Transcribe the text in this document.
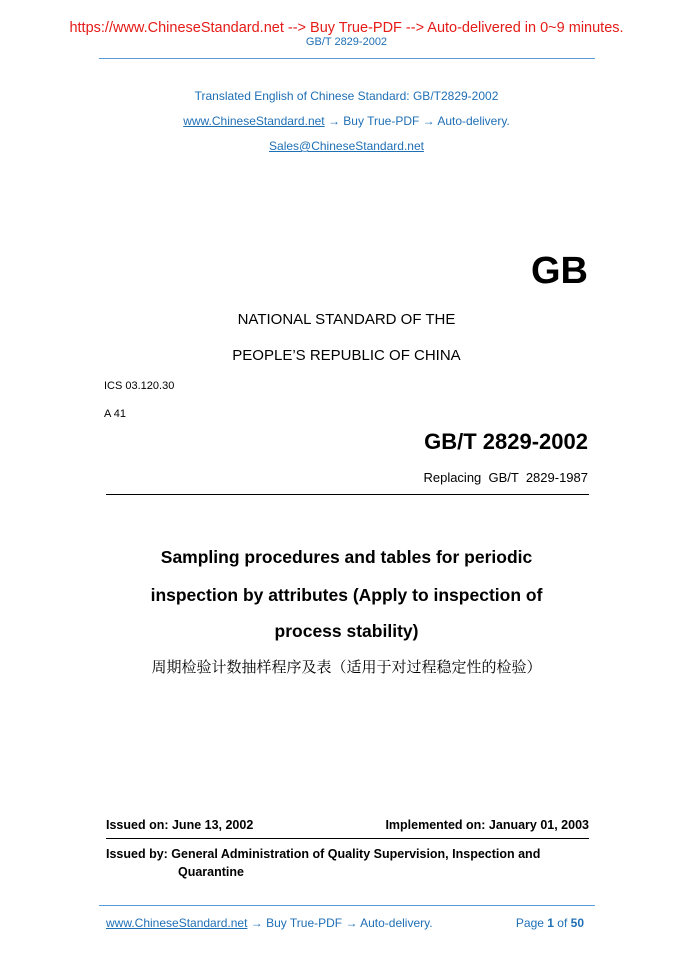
https://www.ChineseStandard.net --> Buy True-PDF --> Auto-delivered in 0~9 minutes.
GB/T 2829-2002
Translated English of Chinese Standard: GB/T2829-2002
www.ChineseStandard.net → Buy True-PDF → Auto-delivery.
Sales@ChineseStandard.net
GB
NATIONAL STANDARD OF THE
PEOPLE’S REPUBLIC OF CHINA
ICS 03.120.30
A 41
GB/T 2829-2002
Replacing  GB/T  2829-1987
Sampling procedures and tables for periodic
inspection by attributes (Apply to inspection of
process stability)
周期检验计数抽样程序及表（适用于对过程稳定性的检验）
Issued on: June 13, 2002	Implemented on: January 01, 2003
Issued by: General Administration of Quality Supervision, Inspection and
Quarantine
www.ChineseStandard.net → Buy True-PDF → Auto-delivery.	Page 1 of 50
